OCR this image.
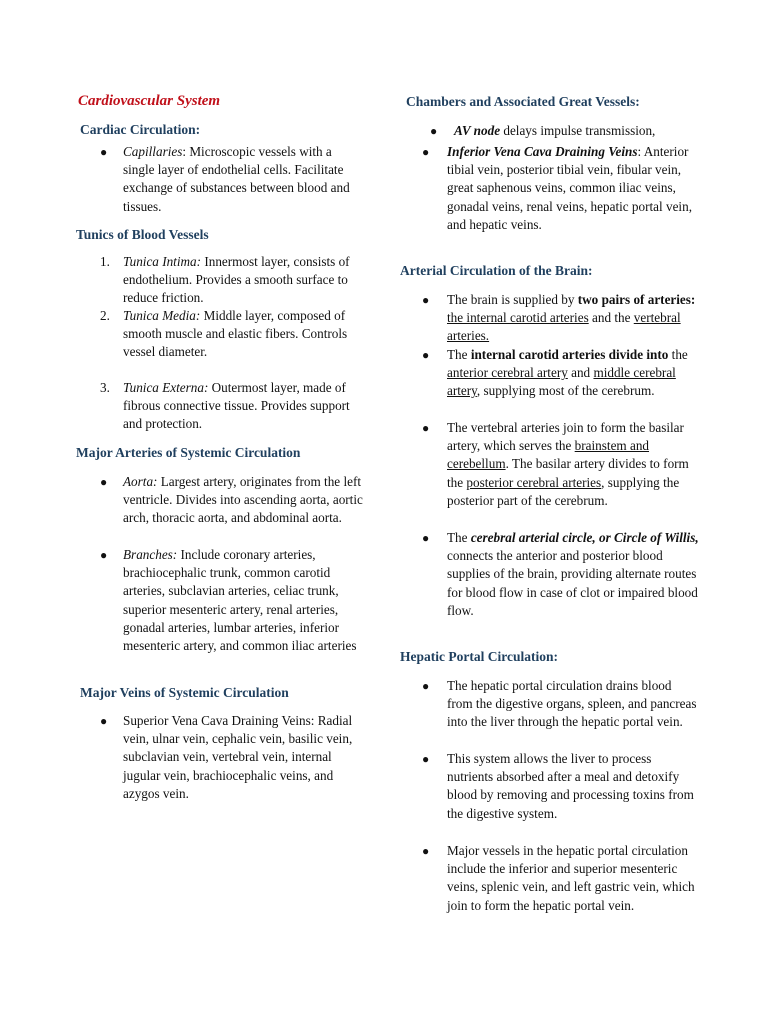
Cardiovascular System
Cardiac Circulation:
● Capillaries: Microscopic vessels with a single layer of endothelial cells. Facilitate exchange of substances between blood and tissues.

Tunics of Blood Vessels
1. Tunica Intima: Innermost layer, consists of endothelium. Provides a smooth surface to reduce friction.

2. Tunica Media: Middle layer, composed of smooth muscle and elastic fibers. Controls vessel diameter.

3. Tunica Externa: Outermost layer, made of fibrous connective tissue. Provides support and protection.

Major Arteries of Systemic Circulation
● Aorta: Largest artery, originates from the left ventricle. Divides into ascending aorta, aortic arch, thoracic aorta, and abdominal aorta.

● Branches: Include coronary arteries, brachiocephalic trunk, common carotid arteries, subclavian arteries, celiac trunk, superior mesenteric artery, renal arteries, gonadal arteries, lumbar arteries, inferior mesenteric artery, and common iliac arteries

Major Veins of Systemic Circulation
● Superior Vena Cava Draining Veins: Radial vein, ulnar vein, cephalic vein, basilic vein, subclavian vein, vertebral vein, internal jugular vein, brachiocephalic veins, and azygos vein.

Chambers and Associated Great Vessels:
● AV node delays impulse transmission,

● Inferior Vena Cava Draining Veins: Anterior tibial vein, posterior tibial vein, fibular vein, great saphenous veins, common iliac veins, gonadal veins, renal veins, hepatic portal vein, and hepatic veins.

Arterial Circulation of the Brain:
● The brain is supplied by two pairs of arteries: the internal carotid arteries and the vertebral arteries.

● The internal carotid arteries divide into the anterior cerebral artery and middle cerebral artery, supplying most of the cerebrum.

● The vertebral arteries join to form the basilar artery, which serves the brainstem and cerebellum. The basilar artery divides to form the posterior cerebral arteries, supplying the posterior part of the cerebrum.

● The cerebral arterial circle, or Circle of Willis, connects the anterior and posterior blood supplies of the brain, providing alternate routes for blood flow in case of clot or impaired blood flow.

Hepatic Portal Circulation:
● The hepatic portal circulation drains blood from the digestive organs, spleen, and pancreas into the liver through the hepatic portal vein.

● This system allows the liver to process nutrients absorbed after a meal and detoxify blood by removing and processing toxins from the digestive system.

● Major vessels in the hepatic portal circulation include the inferior and superior mesenteric veins, splenic vein, and left gastric vein, which join to form the hepatic portal vein.
